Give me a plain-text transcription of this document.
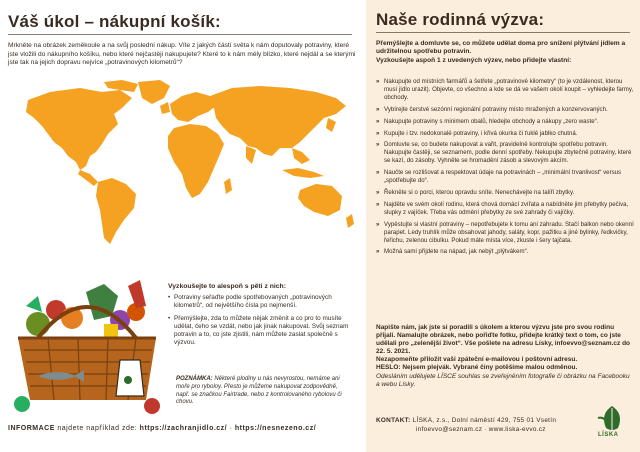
Váš úkol – nákupní košík:

Mrkněte na obrázek zeměkoule a na svůj poslední nákup. Víte z jakých částí světa k nám doputovaly potraviny, které jste vložili do nákupního košíku, nebo které nejčastěji nakupujete? Které to k nám měly blízko, které nejdál a se kterými jste tak na jejich dopravu nejvíce „potravinových kilometrů“?

Vyzkoušejte to alespoň s pěti z nich:
• Potraviny seřaďte podle spotřebovaných „potravinových kilometrů“, od největšího čísla po nejmenší.
• Přemýšlejte, zda to můžete nějak změnit a co pro to musíte udělat, čeho se vzdát, nebo jak jinak nakupovat. Svůj seznam potravin a to, co jste zjistili, nám můžete zaslat společně s výzvou.

POZNÁMKA: Některé plodiny u nás nevyrostou, nemáme ani moře pro ryboloy. Přesto je můžeme nakupovat zodpovědně, např. se značkou Fairtrade, nebo z kontrolovaného rybolovu či chovu.

INFORMACE najdete například zde: https://zachranjidlo.cz/ · https://nesnezeno.cz/
Naše rodinná výzva:

Přemýšlejte a domluvte se, co můžete udělat doma pro snížení plýtvání jídlem a udržitelnou spotřebu potravin.

Vyzkoušejte aspoň 1 z uvedených výzev, nebo přidejte vlastní:

» Nakupujte od místních farmářů a šetřete „potravinové kilometry“ (to je vzdálenost, kterou musí jídlo urazit). Objevte, co všechno a kde se dá ve vašem okolí koupit – vyhledejte farmy, obchody.
» Vybírejte čerstvé sezónní regionální potraviny místo mražených a konzervovaných.
» Nakupujte potraviny s minimem obalů, hledejte obchody a nákupy „zero waste“.
» Kupujte i tzv. nedokonalé potraviny, i křivá okurka či ťuklé jablko chutná.
» Domluvte se, co budete nakupovat a vařit, pravidelně kontrolujte spotřebu potravin. Nakupujte častěji, se seznamem, podle denní spotřeby. Nekupujte zbytečně potraviny, které se kazí, do zásoby. Vyhněte se hromadění zásob a slevovým akcím.
» Naučte se rozlišovat a respektovat údaje na potravinách – „minimální trvanlivost“ versus „spotřebujte do“.
» Řekněte si o porci, kterou opravdu sníte. Nenechávejte na talíři zbytky.
» Najděte ve svém okolí rodinu, která chová domácí zvířata a nabídněte jim přebytky pečiva, slupky z vajíček. Třeba vás odmění přebytky ze své zahrady či vajíčky.
» Vypěstujte si vlastní potraviny – nepotřebujete k tomu ani zahradu. Stačí balkon nebo okenní parapet. Ledy truhlík může obsahovat jahody, saláty, kopr, pažitku a jiné bylinky, ředkvičky, řeřichu, zelenou cibulku. Pokud máte místa více, zkuste i šery tajčata.
» Možná sami přijdete na nápad, jak nebýt „plýtvákem“.

Napište nám, jak jste si poradili s úkolem a kterou výzvu jste pro svou rodinu přijali. Namalujte obrázek, nebo pořiďte fotku, přidejte krátký text o tom, co jste udělali pro „zelenější život“. Vše pošlete na adresu Lísky, infoevvo@seznam.cz do 22. 5. 2021.

Nezapomeňte přiložit vaši zpáteční e-mailovou i poštovní adresu.

HESLO: Nejsem plejvák. Vybrané činy potěšíme malou odměnou.

Odesláním udělujete LÍSCE souhlas se zveřejněním fotografie či obrázku na Facebooku a webu Lísky.

KONTAKT: LÍSKA, z.s., Dolní náměstí 429, 755 01 Vsetín
infoevvo@seznam.cz · www.liska-evvo.cz
LÍSKA
